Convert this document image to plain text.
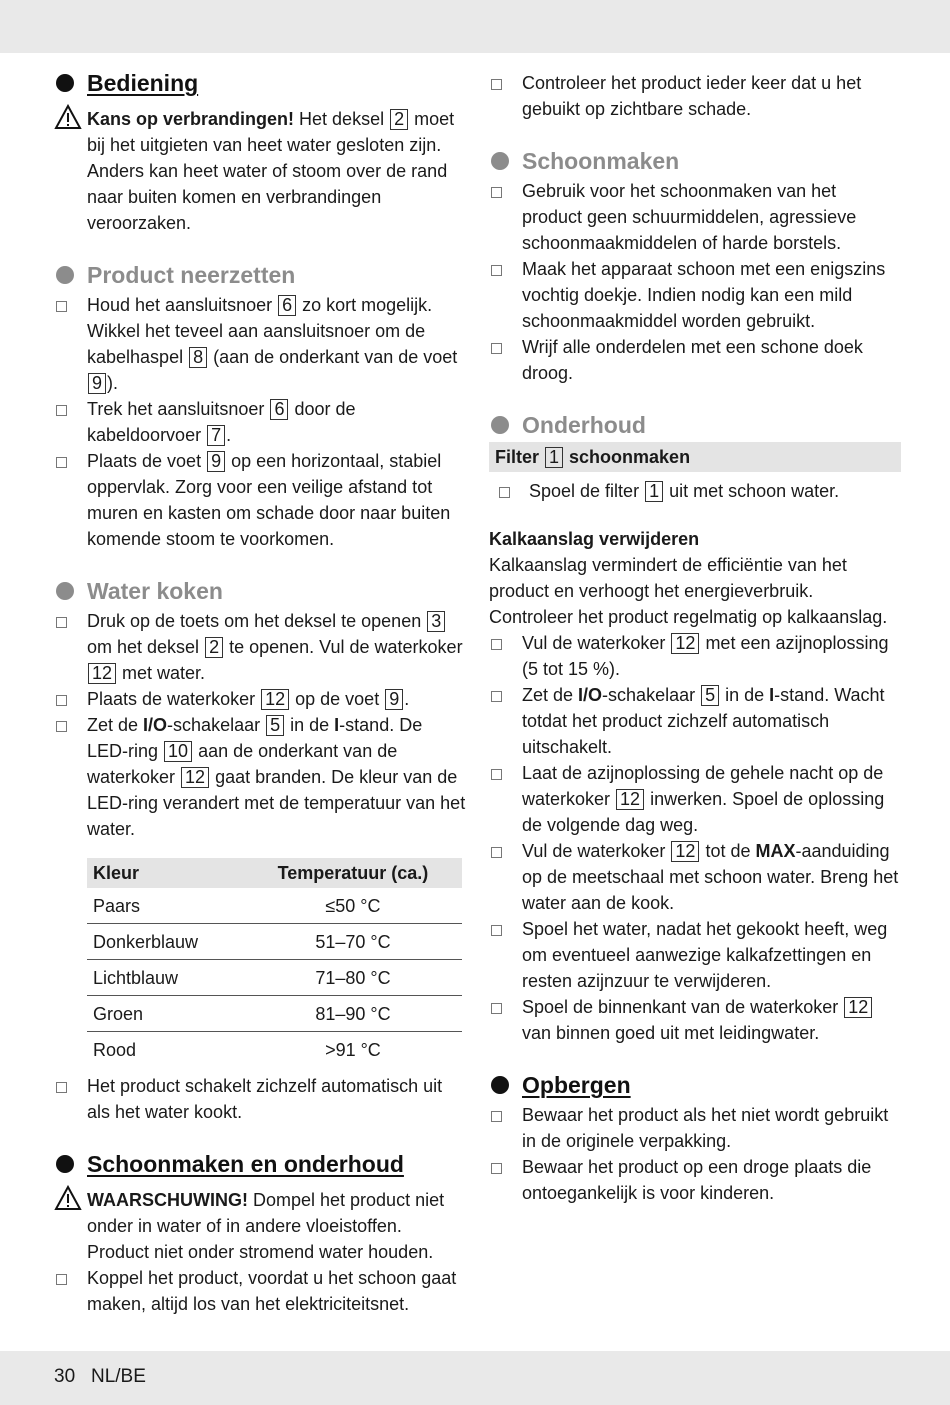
Bediening
Kans op verbrandingen! Het deksel 2 moet bij het uitgieten van heet water gesloten zijn. Anders kan heet water of stoom over de rand naar buiten komen en verbrandingen veroorzaken.
Product neerzetten
Houd het aansluitsnoer 6 zo kort mogelijk. Wikkel het teveel aan aansluitsnoer om de kabelhaspel 8 (aan de onderkant van de voet 9 ).
Trek het aansluitsnoer 6 door de kabeldoorvoer 7 .
Plaats de voet 9 op een horizontaal, stabiel oppervlak. Zorg voor een veilige afstand tot muren en kasten om schade door naar buiten komende stoom te voorkomen.
Water koken
Druk op de toets om het deksel te openen 3 om het deksel 2 te openen. Vul de waterkoker 12 met water.
Plaats de waterkoker 12 op de voet 9 .
Zet de I/O-schakelaar 5 in de I-stand. De LED-ring 10 aan de onderkant van de waterkoker 12 gaat branden. De kleur van de LED-ring verandert met de temperatuur van het water.
Kleur	Temperatuur (ca.)
Paars	≤50 °C
Donkerblauw	51–70 °C
Lichtblauw	71–80 °C
Groen	81–90 °C
Rood	>91 °C
Het product schakelt zichzelf automatisch uit als het water kookt.
Schoonmaken en onderhoud
WAARSCHUWING! Dompel het product niet onder in water of in andere vloeistoffen. Product niet onder stromend water houden.
Koppel het product, voordat u het schoon gaat maken, altijd los van het elektriciteitsnet.
Controleer het product ieder keer dat u het gebuikt op zichtbare schade.
Schoonmaken
Gebruik voor het schoonmaken van het product geen schuurmiddelen, agressieve schoonmaakmiddelen of harde borstels.
Maak het apparaat schoon met een enigszins vochtig doekje. Indien nodig kan een mild schoonmaakmiddel worden gebruikt.
Wrijf alle onderdelen met een schone doek droog.
Onderhoud
Filter 1 schoonmaken
Spoel de filter 1 uit met schoon water.
Kalkaanslag verwijderen
Kalkaanslag vermindert de efficiëntie van het product en verhoogt het energieverbruik. Controleer het product regelmatig op kalkaanslag.
Vul de waterkoker 12 met een azijnoplossing (5 tot 15 %).
Zet de I/O-schakelaar 5 in de I-stand. Wacht totdat het product zichzelf automatisch uitschakelt.
Laat de azijnoplossing de gehele nacht op de waterkoker 12 inwerken. Spoel de oplossing de volgende dag weg.
Vul de waterkoker 12 tot de MAX-aanduiding op de meetschaal met schoon water. Breng het water aan de kook.
Spoel het water, nadat het gekookt heeft, weg om eventueel aanwezige kalkafzettingen en resten azijnzuur te verwijderen.
Spoel de binnenkant van de waterkoker 12 van binnen goed uit met leidingwater.
Opbergen
Bewaar het product als het niet wordt gebruikt in de originele verpakking.
Bewaar het product op een droge plaats die ontoegankelijk is voor kinderen.
30 NL/BE
